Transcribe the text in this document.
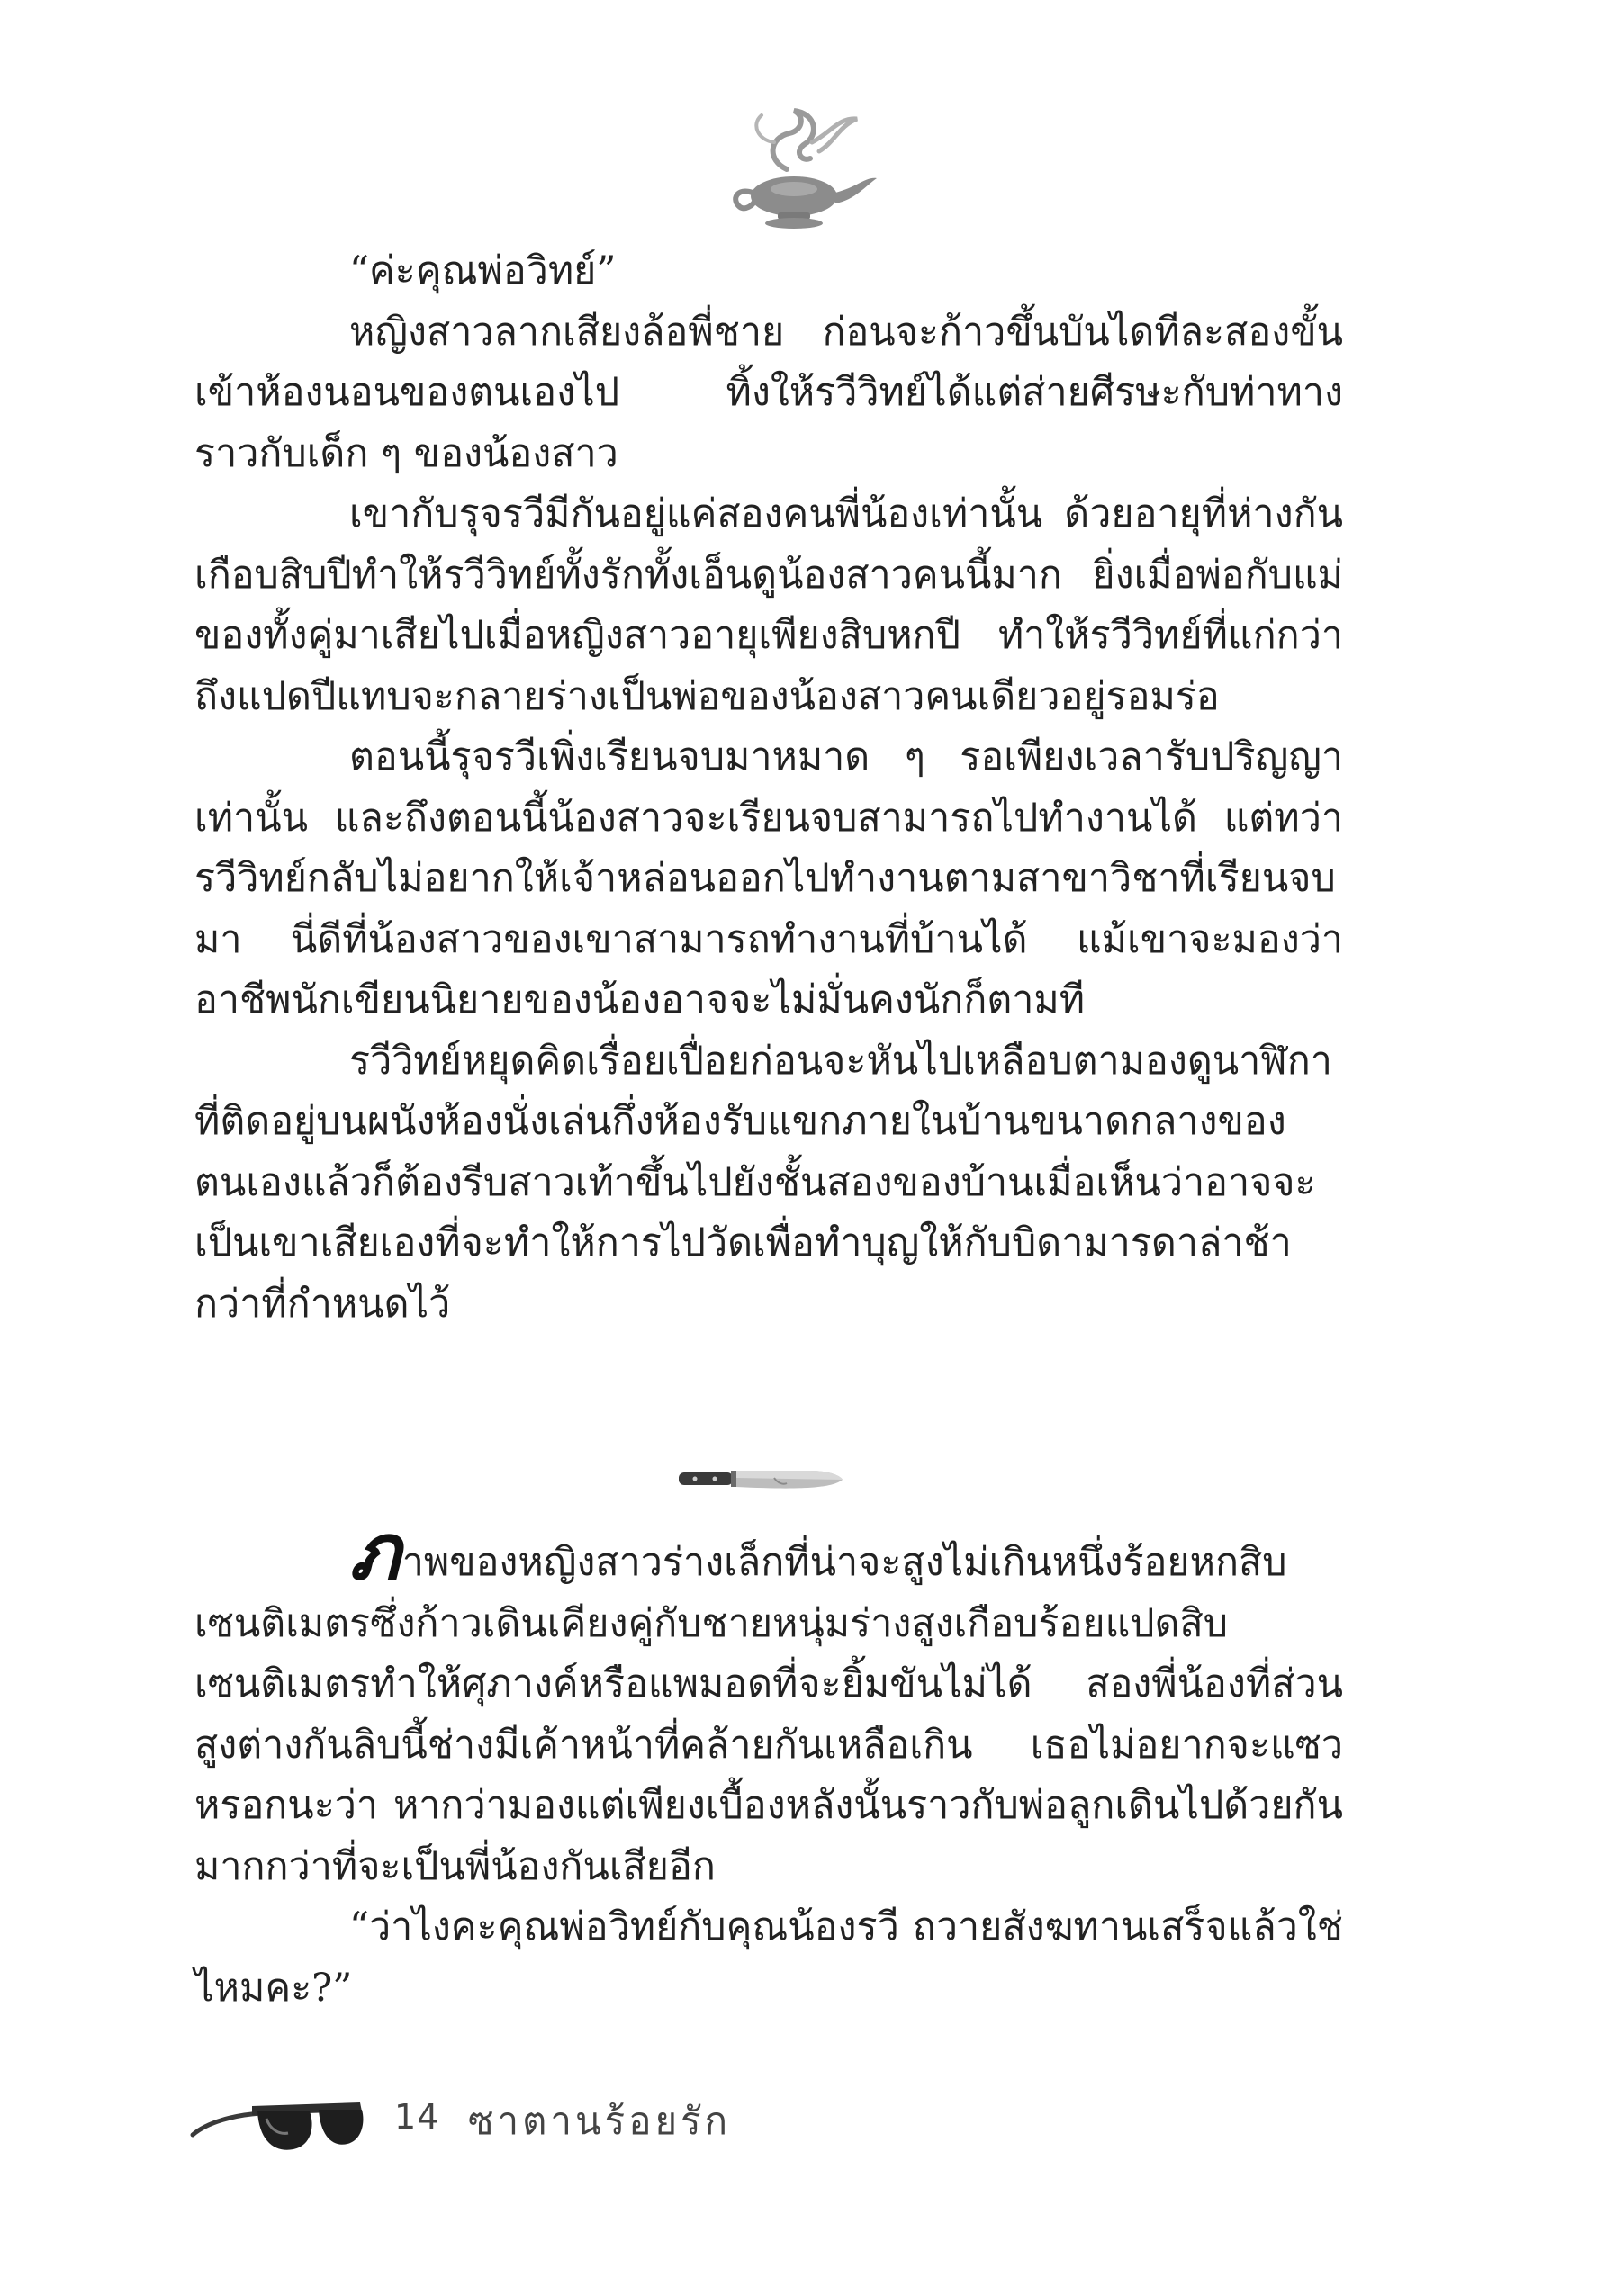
“ค่ะคุณพ่อวิทย์”

หญิงสาวลากเสียงล้อพี่ชาย ก่อนจะก้าวขึ้นบันไดทีละสองขั้นเข้าห้องนอนของตนเองไป ทิ้งให้รวีวิทย์ได้แต่ส่ายศีรษะกับท่าทางราวกับเด็ก ๆ ของน้องสาว

เขากับรุจรวีมีกันอยู่แค่สองคนพี่น้องเท่านั้น ด้วยอายุที่ห่างกันเกือบสิบปีทำให้รวีวิทย์ทั้งรักทั้งเอ็นดูน้องสาวคนนี้มาก ยิ่งเมื่อพ่อกับแม่ของทั้งคู่มาเสียไปเมื่อหญิงสาวอายุเพียงสิบหกปี ทำให้รวีวิทย์ที่แก่กว่าถึงแปดปีแทบจะกลายร่างเป็นพ่อของน้องสาวคนเดียวอยู่รอมร่อ

ตอนนี้รุจรวีเพิ่งเรียนจบมาหมาด ๆ รอเพียงเวลารับปริญญาเท่านั้น และถึงตอนนี้น้องสาวจะเรียนจบสามารถไปทำงานได้ แต่ทว่ารวีวิทย์กลับไม่อยากให้เจ้าหล่อนออกไปทำงานตามสาขาวิชาที่เรียนจบมา นี่ดีที่น้องสาวของเขาสามารถทำงานที่บ้านได้ แม้เขาจะมองว่าอาชีพนักเขียนนิยายของน้องอาจจะไม่มั่นคงนักก็ตามที

รวีวิทย์หยุดคิดเรื่อยเปื่อยก่อนจะหันไปเหลือบตามองดูนาฬิกาที่ติดอยู่บนผนังห้องนั่งเล่นกึ่งห้องรับแขกภายในบ้านขนาดกลางของตนเองแล้วก็ต้องรีบสาวเท้าขึ้นไปยังชั้นสองของบ้านเมื่อเห็นว่าอาจจะเป็นเขาเสียเองที่จะทำให้การไปวัดเพื่อทำบุญให้กับบิดามารดาล่าช้ากว่าที่กำหนดไว้

ภาพของหญิงสาวร่างเล็กที่น่าจะสูงไม่เกินหนึ่งร้อยหกสิบเซนติเมตรซึ่งก้าวเดินเคียงคู่กับชายหนุ่มร่างสูงเกือบร้อยแปดสิบเซนติเมตรทำให้ศุภางค์หรือแพมอดที่จะยิ้มขันไม่ได้ สองพี่น้องที่ส่วนสูงต่างกันลิบนี้ช่างมีเค้าหน้าที่คล้ายกันเหลือเกิน เธอไม่อยากจะแซวหรอกนะว่า หากว่ามองแต่เพียงเบื้องหลังนั้นราวกับพ่อลูกเดินไปด้วยกันมากกว่าที่จะเป็นพี่น้องกันเสียอีก

“ว่าไงคะคุณพ่อวิทย์กับคุณน้องรวี ถวายสังฆทานเสร็จแล้วใช่ไหมคะ?”

14 ซาตานร้อยรัก
